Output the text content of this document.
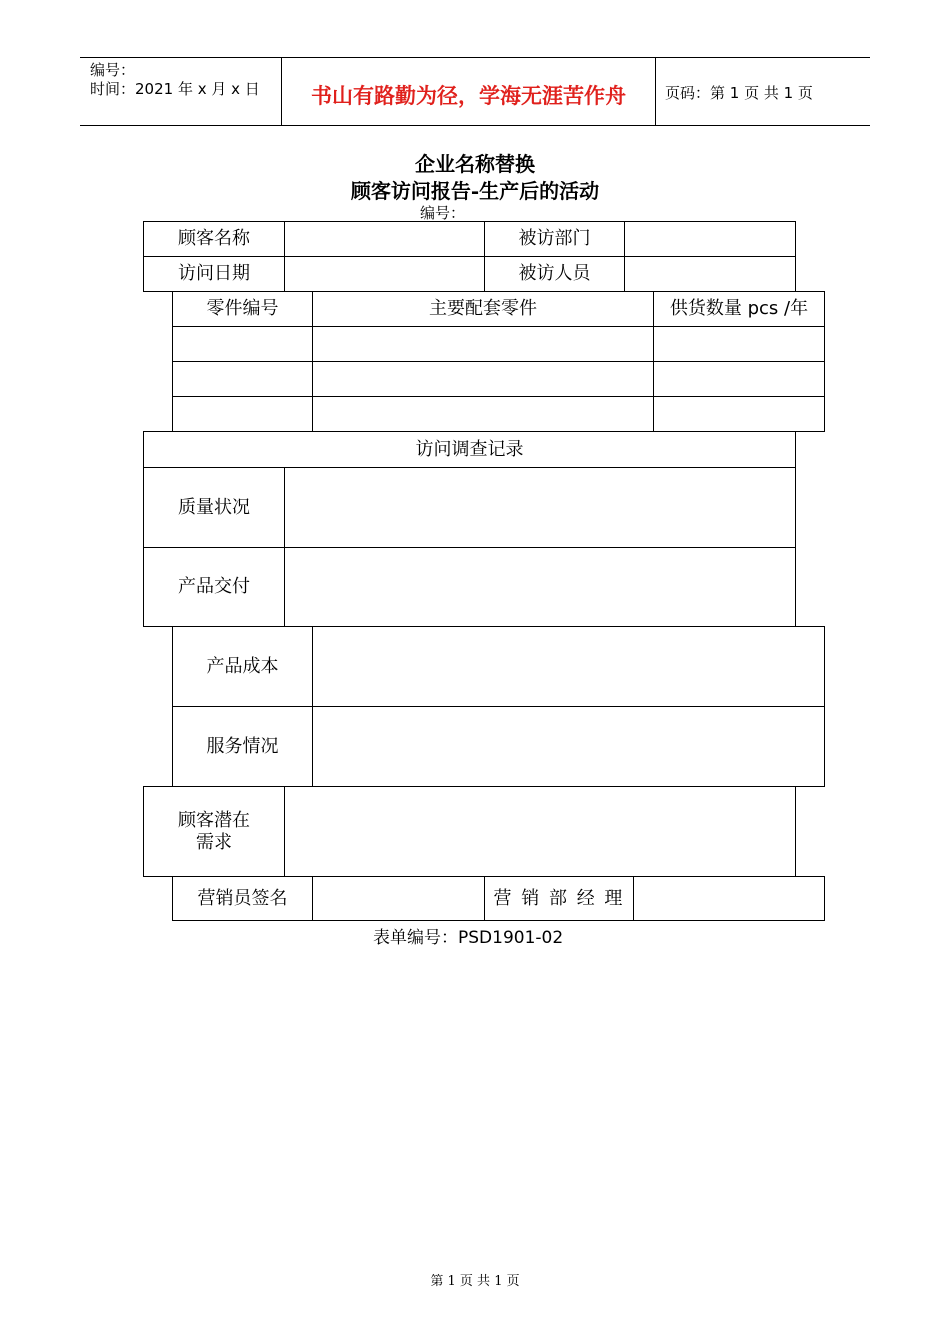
编号：
时间：2021 年 x 月 x 日	书山有路勤为径，学海无涯苦作舟	页码：第 1 页 共 1 页
企业名称替换
顾客访问报告-生产后的活动
编号：
顾客名称	被访部门
访问日期	被访人员
零件编号	主要配套零件	供货数量 pcs /年
访问调查记录
质量状况
产品交付
产品成本
服务情况
顾客潜在
需求
营销员签名	营 销 部 经 理
表单编号：PSD1901-02
第 1 页 共 1 页
